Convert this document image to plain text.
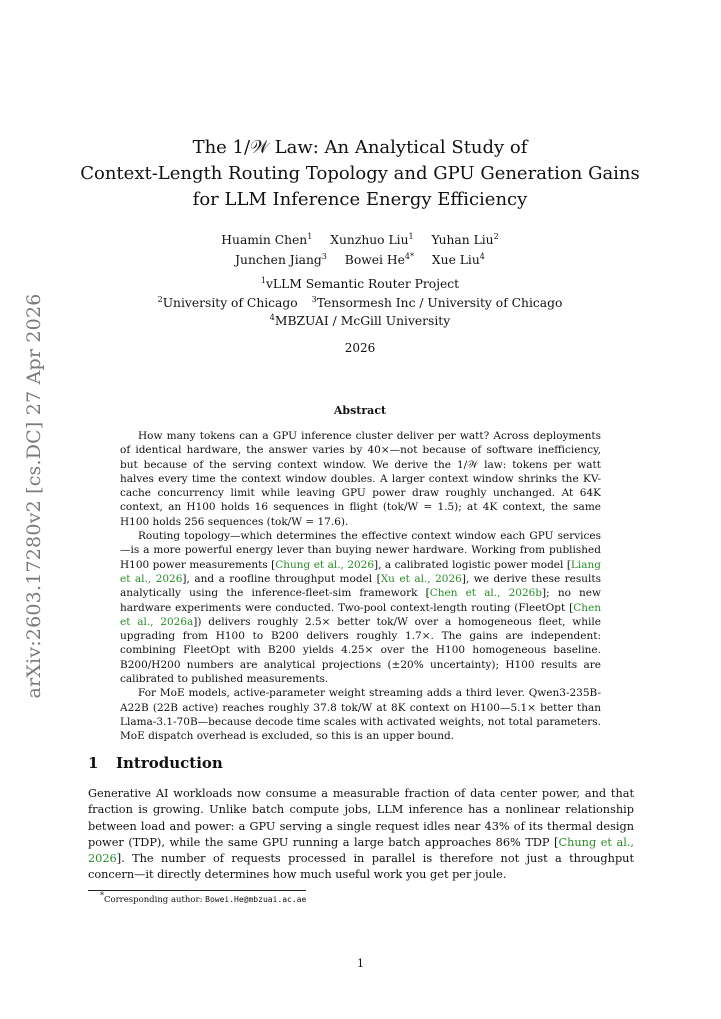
arXiv:2603.17280v2 [cs.DC] 27 Apr 2026
The 1/𝒲 Law: An Analytical Study of
Context-Length Routing Topology and GPU Generation Gains
for LLM Inference Energy Efficiency
Huamin Chen$^1$ Xunzhuo Liu$^1$ Yuhan Liu$^2$
Junchen Jiang$^3$ Bowei $He^{4*}$ Xue Liu$^4$
$^1$vLLM Semantic Router Project
$^2$University of Chicago $^3$Tensormesh Inc / University of Chicago
$^4$MBZUAI / McGill University
2026
Abstract

How many tokens can a GPU inference cluster deliver per watt? Across deployments of identical hardware, the answer varies by 40×—not because of software inefficiency, but because of the serving context window. We derive the 1/𝒲 law: tokens per watt halves every time the context window doubles. A larger context window shrinks the KV-cache concurrency limit while leaving GPU power draw roughly unchanged. At 64K context, an H100 holds 16 sequences in flight (tok/W = 1.5); at 4K context, the same H100 holds 256 sequences (tok/W = 17.6).

Routing topology—which determines the effective context window each GPU services—is a more powerful energy lever than buying newer hardware. Working from published H100 power measurements [Chung et al., 2026], a calibrated logistic power model [Liang et al., 2026], and a roofline throughput model [Xu et al., 2026], we derive these results analytically using the inference-fleet-sim framework [Chen et al., 2026b]; no new hardware experiments were conducted. Two-pool context-length routing (FleetOpt [Chen et al., 2026a]) delivers roughly 2.5× better tok/W over a homogeneous fleet, while upgrading from H100 to B200 delivers roughly 1.7×. The gains are independent: combining FleetOpt with B200 yields 4.25× over the H100 homogeneous baseline. B200/H200 numbers are analytical projections (±20% uncertainty); H100 results are calibrated to published measurements.

For MoE models, active-parameter weight streaming adds a third lever. Qwen3-235B-A22B (22B active) reaches roughly 37.8 tok/W at 8K context on H100—5.1× better than Llama-3.1-70B—because decode time scales with activated weights, not total parameters. MoE dispatch overhead is excluded, so this is an upper bound.

1 Introduction

Generative AI workloads now consume a measurable fraction of data center power, and that fraction is growing. Unlike batch compute jobs, LLM inference has a nonlinear relationship between load and power: a GPU serving a single request idles near 43% of its thermal design power (TDP), while the same GPU running a large batch approaches 86% TDP [Chung et al., 2026]. The number of requests processed in parallel is therefore not just a throughput concern—it directly determines how much useful work you get per joule.

*Corresponding author: Bowei.He@mbzuai.ac.ae
1
